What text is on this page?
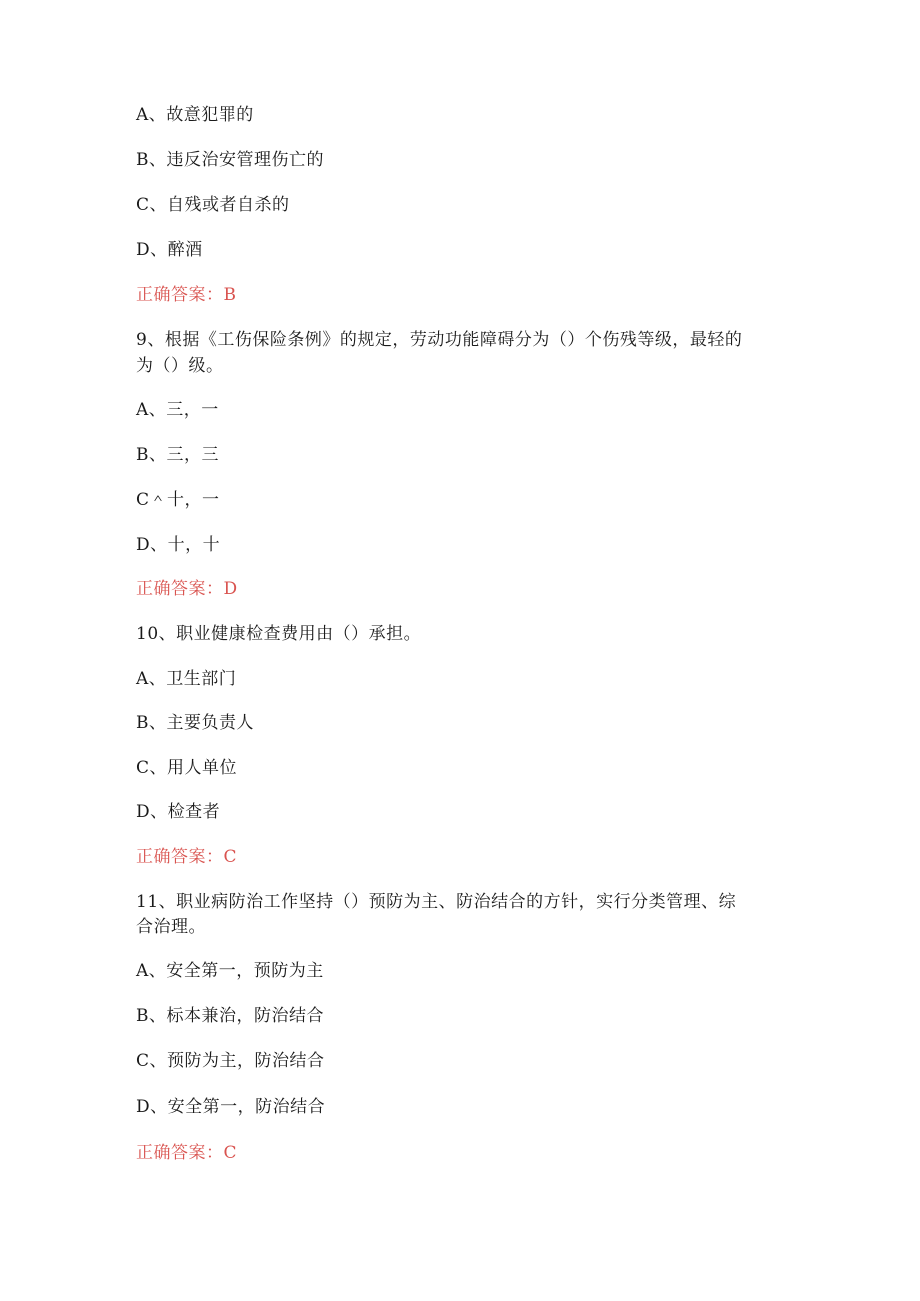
A、故意犯罪的
B、违反治安管理伤亡的
C、自残或者自杀的
D、醉酒
正确答案：B
9、根据《工伤保险条例》的规定，劳动功能障碍分为（）个伤残等级，最轻的
为（）级。
A、三，一
B、三，三
C＾十，一
D、十，十
正确答案：D
10、职业健康检查费用由（）承担。
A、卫生部门
B、主要负责人
C、用人单位
D、检查者
正确答案：C
11、职业病防治工作坚持（）预防为主、防治结合的方针，实行分类管理、综
合治理。
A、安全第一，预防为主
B、标本兼治，防治结合
C、预防为主，防治结合
D、安全第一，防治结合
正确答案：C
